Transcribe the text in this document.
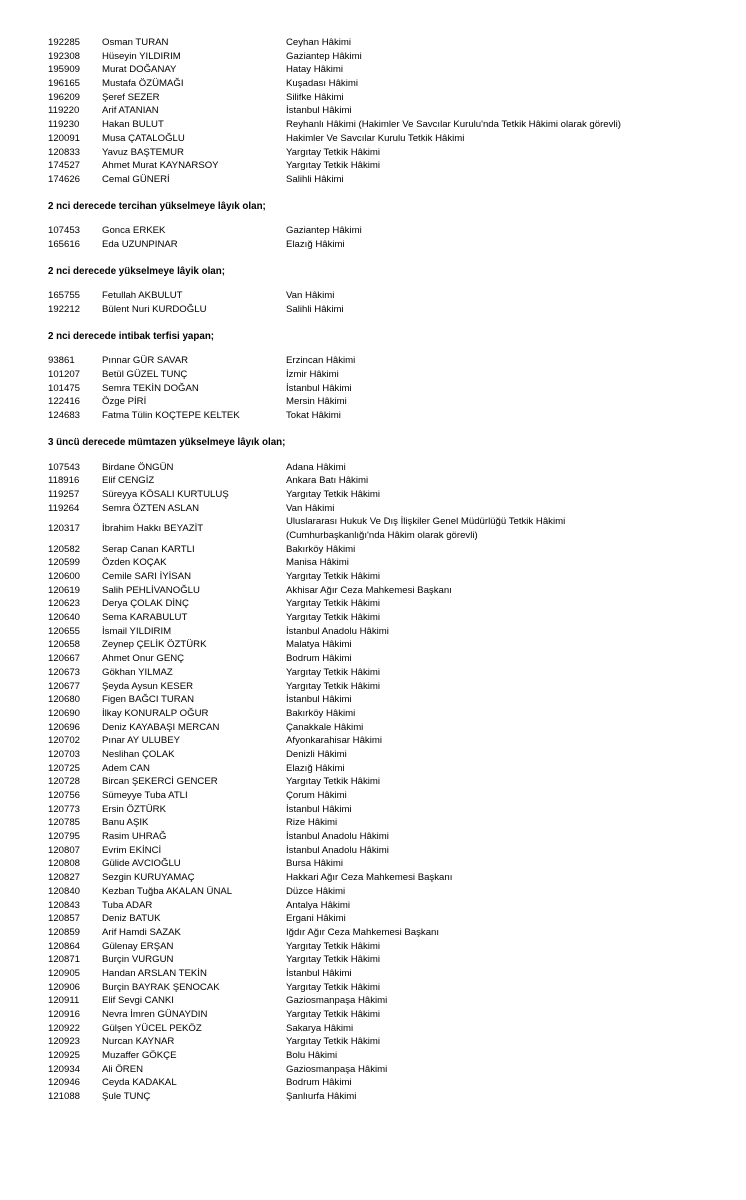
192285 Osman TURAN	Ceyhan Hâkimi
192308 Hüseyin YILDIRIM	Gaziantep Hâkimi
195909 Murat DOĞANAY	Hatay Hâkimi
196165 Mustafa ÖZÜMAĞI	Kuşadası Hâkimi
196209 Şeref SEZER	Silifke Hâkimi
119220 Arif ATANIAN	İstanbul Hâkimi
119230 Hakan BULUT	Reyhanlı Hâkimi (Hakimler Ve Savcılar Kurulu'nda Tetkik Hâkimi olarak görevli)
120091 Musa ÇATALOĞLU	Hakimler Ve Savcılar Kurulu Tetkik Hâkimi
120833 Yavuz BAŞTEMUR	Yargıtay Tetkik Hâkimi
174527 Ahmet Murat KAYNARSOY	Yargıtay Tetkik Hâkimi
174626 Cemal GÜNERİ	Salihli Hâkimi
2 nci derecede tercihan yükselmeye lâyık olan;
107453 Gonca ERKEK	Gaziantep Hâkimi
165616 Eda UZUNPINAR	Elazığ Hâkimi
2 nci derecede yükselmeye lâyik olan;
165755 Fetullah AKBULUT	Van Hâkimi
192212 Bülent Nuri KURDOĞLU	Salihli Hâkimi
2 nci derecede intibak terfisi yapan;
93861	Pınnar GÜR SAVAR	Erzincan Hâkimi
101207 Betül GÜZEL TUNÇ	İzmir Hâkimi
101475 Semra TEKİN DOĞAN	İstanbul Hâkimi
122416 Özge PİRİ	Mersin Hâkimi
124683 Fatma Tülin KOÇTEPE KELTEK	Tokat Hâkimi
3 üncü derecede mümtazen yükselmeye lâyık olan;
107543 Birdane ÖNGÜN	Adana Hâkimi
118916 Elif CENGİZ	Ankara Batı Hâkimi
119257 Süreyya KÖSALI KURTULUŞ	Yargıtay Tetkik Hâkimi
119264 Semra ÖZTEN ASLAN	Van Hâkimi
120317 İbrahim Hakkı BEYAZİT
Uluslararası Hukuk Ve Dış İlişkiler Genel Müdürlüğü Tetkik Hâkimi
(Cumhurbaşkanlığı'nda Hâkim olarak görevli)
120582 Serap Canan KARTLI	Bakırköy Hâkimi
120599 Özden KOÇAK	Manisa Hâkimi
120600 Cemile SARI İYİSAN	Yargıtay Tetkik Hâkimi
120619 Salih PEHLİVANOĞLU	Akhisar Ağır Ceza Mahkemesi Başkanı
120623 Derya ÇOLAK DİNÇ	Yargıtay Tetkik Hâkimi
120640 Sema KARABULUT	Yargıtay Tetkik Hâkimi
120655 İsmail YILDIRIM	İstanbul Anadolu Hâkimi
120658 Zeynep ÇELİK ÖZTÜRK	Malatya Hâkimi
120667 Ahmet Onur GENÇ	Bodrum Hâkimi
120673 Gökhan YILMAZ	Yargıtay Tetkik Hâkimi
120677 Şeyda Aysun KESER	Yargıtay Tetkik Hâkimi
120680 Figen BAĞCI TURAN	İstanbul Hâkimi
120690 İlkay KONURALP OĞUR	Bakırköy Hâkimi
120696 Deniz KAYABAŞI MERCAN	Çanakkale Hâkimi
120702 Pınar AY ULUBEY	Afyonkarahisar Hâkimi
120703 Neslihan ÇOLAK	Denizli Hâkimi
120725 Adem CAN	Elazığ Hâkimi
120728 Bircan ŞEKERCİ GENCER	Yargıtay Tetkik Hâkimi
120756 Sümeyye Tuba ATLI	Çorum Hâkimi
120773 Ersin ÖZTÜRK	İstanbul Hâkimi
120785 Banu AŞIK	Rize Hâkimi
120795 Rasim UHRAĞ	İstanbul Anadolu Hâkimi
120807 Evrim EKİNCİ	İstanbul Anadolu Hâkimi
120808 Gülide AVCIOĞLU	Bursa Hâkimi
120827 Sezgin KURUYAMAÇ	Hakkari Ağır Ceza Mahkemesi Başkanı
120840 Kezban Tuğba AKALAN ÜNAL	Düzce Hâkimi
120843 Tuba ADAR	Antalya Hâkimi
120857 Deniz BATUK	Ergani Hâkimi
120859 Arif Hamdi SAZAK	Iğdır Ağır Ceza Mahkemesi Başkanı
120864 Gülenay ERŞAN	Yargıtay Tetkik Hâkimi
120871 Burçin VURGUN	Yargıtay Tetkik Hâkimi
120905 Handan ARSLAN TEKİN	İstanbul Hâkimi
120906 Burçin BAYRAK ŞENOCAK	Yargıtay Tetkik Hâkimi
120911 Elif Sevgi CANKI	Gaziosmanpaşa Hâkimi
120916 Nevra İmren GÜNAYDIN	Yargıtay Tetkik Hâkimi
120922 Gülşen YÜCEL PEKÖZ	Sakarya Hâkimi
120923 Nurcan KAYNAR	Yargıtay Tetkik Hâkimi
120925 Muzaffer GÖKÇE	Bolu Hâkimi
120934 Ali ÖREN	Gaziosmanpaşa Hâkimi
120946 Ceyda KADAKAL	Bodrum Hâkimi
121088 Şule TUNÇ	Şanlıurfa Hâkimi
